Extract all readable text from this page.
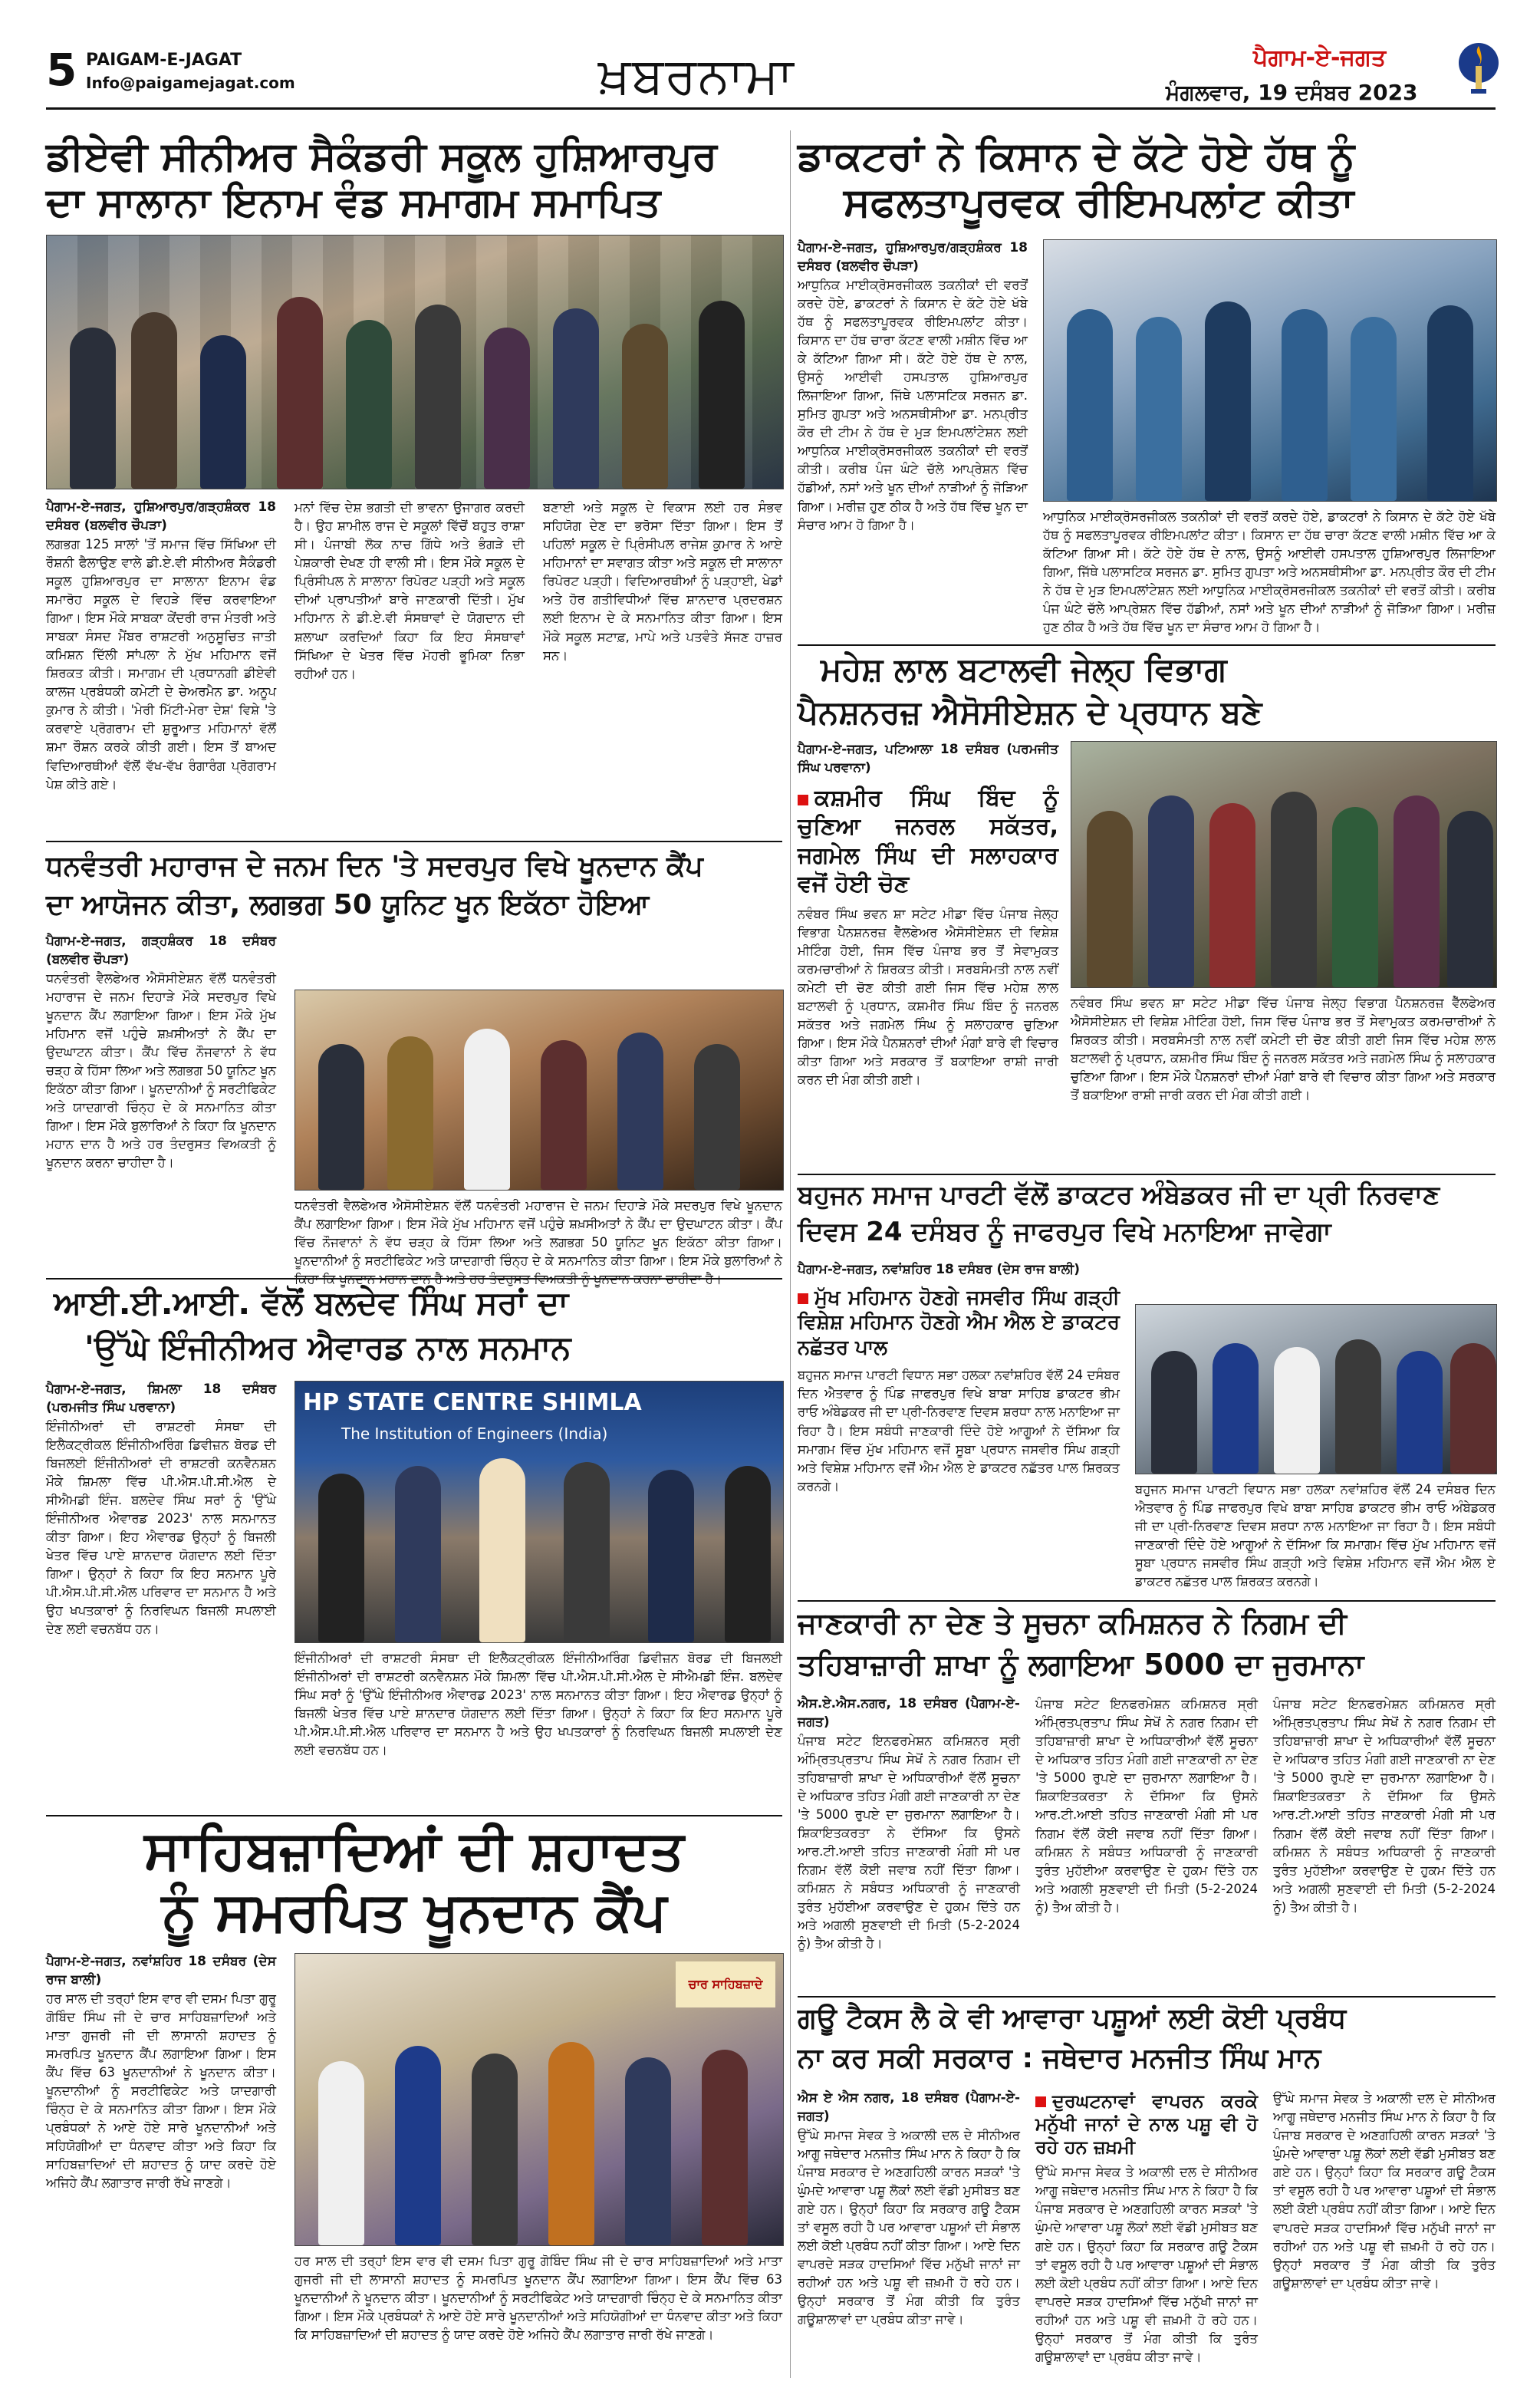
5 PAIGAM-E-JAGAT
Info@paigamejagat.com	ਖ਼ਬਰਨਾਮਾ	ਪੈਗਾਮ-ਏ-ਜਗਤ
ਮੰਗਲਵਾਰ, 19 ਦਸੰਬਰ 2023
ਡੀਏਵੀ ਸੀਨੀਅਰ ਸੈਕੰਡਰੀ ਸਕੂਲ ਹੁਸ਼ਿਆਰਪੁਰ
ਦਾ ਸਾਲਾਨਾ ਇਨਾਮ ਵੰਡ ਸਮਾਗਮ ਸਮਾਪਿਤ

ਪੈਗਾਮ-ਏ-ਜਗਤ, ਹੁਸ਼ਿਆਰਪੁਰ/ਗੜ੍ਹਸ਼ੰਕਰ 18 ਦਸੰਬਰ (ਬਲਵੀਰ ਚੌਪੜਾ)

ਲਗਭਗ 125 ਸਾਲਾਂ 'ਤੋਂ ਸਮਾਜ ਵਿੱਚ ਸਿੱਖਿਆ ਦੀ ਰੌਸ਼ਨੀ ਫੈਲਾਉਣ ਵਾਲੇ ਡੀ.ਏ.ਵੀ ਸੀਨੀਅਰ ਸੈਕੰਡਰੀ ਸਕੂਲ ਹੁਸ਼ਿਆਰਪੁਰ ਦਾ ਸਾਲਾਨਾ ਇਨਾਮ ਵੰਡ ਸਮਾਰੋਹ ਸਕੂਲ ਦੇ ਵਿਹੜੇ ਵਿੱਚ ਕਰਵਾਇਆ ਗਿਆ। ਇਸ ਮੌਕੇ ਸਾਬਕਾ ਕੇਂਦਰੀ ਰਾਜ ਮੰਤਰੀ ਅਤੇ ਸਾਬਕਾ ਸੰਸਦ ਮੈਂਬਰ ਰਾਸ਼ਟਰੀ ਅਨੁਸੂਚਿਤ ਜਾਤੀ ਕਮਿਸ਼ਨ ਦਿੱਲੀ ਸਾਂਪਲਾ ਨੇ ਮੁੱਖ ਮਹਿਮਾਨ ਵਜੋਂ ਸ਼ਿਰਕਤ ਕੀਤੀ। ਸਮਾਗਮ ਦੀ ਪ੍ਰਧਾਨਗੀ ਡੀਏਵੀ ਕਾਲਜ ਪ੍ਰਬੰਧਕੀ ਕਮੇਟੀ ਦੇ ਚੇਅਰਮੈਨ ਡਾ. ਅਨੂਪ ਕੁਮਾਰ ਨੇ ਕੀਤੀ। 'ਮੇਰੀ ਮਿੱਟੀ-ਮੇਰਾ ਦੇਸ਼' ਵਿਸ਼ੇ 'ਤੇ ਕਰਵਾਏ ਪ੍ਰੋਗਰਾਮ ਦੀ ਸ਼ੁਰੂਆਤ ਮਹਿਮਾਨਾਂ ਵੱਲੋਂ ਸ਼ਮਾ ਰੌਸ਼ਨ ਕਰਕੇ ਕੀਤੀ ਗਈ। ਇਸ ਤੋਂ ਬਾਅਦ ਵਿਦਿਆਰਥੀਆਂ ਵੱਲੋਂ ਵੱਖ-ਵੱਖ ਰੰਗਾਰੰਗ ਪ੍ਰੋਗਰਾਮ ਪੇਸ਼ ਕੀਤੇ ਗਏ।

ਮਨਾਂ ਵਿੱਚ ਦੇਸ਼ ਭਗਤੀ ਦੀ ਭਾਵਨਾ ਉਜਾਗਰ ਕਰਦੀ ਹੈ। ਉਹ ਸ਼ਾਮੀਲ ਰਾਜ ਦੇ ਸਕੂਲਾਂ ਵਿੱਚੋਂ ਬਹੁਤ ਰਾਸ਼ਾ ਸੀ। ਪੰਜਾਬੀ ਲੋਕ ਨਾਚ ਗਿੱਧੇ ਅਤੇ ਭੰਗੜੇ ਦੀ ਪੇਸ਼ਕਾਰੀ ਦੇਖਣ ਹੀ ਵਾਲੀ ਸੀ। ਇਸ ਮੌਕੇ ਸਕੂਲ ਦੇ ਪ੍ਰਿੰਸੀਪਲ ਨੇ ਸਾਲਾਨਾ ਰਿਪੋਰਟ ਪੜ੍ਹੀ ਅਤੇ ਸਕੂਲ ਦੀਆਂ ਪ੍ਰਾਪਤੀਆਂ ਬਾਰੇ ਜਾਣਕਾਰੀ ਦਿੱਤੀ। ਮੁੱਖ ਮਹਿਮਾਨ ਨੇ ਡੀ.ਏ.ਵੀ ਸੰਸਥਾਵਾਂ ਦੇ ਯੋਗਦਾਨ ਦੀ ਸ਼ਲਾਘਾ ਕਰਦਿਆਂ ਕਿਹਾ ਕਿ ਇਹ ਸੰਸਥਾਵਾਂ ਸਿੱਖਿਆ ਦੇ ਖੇਤਰ ਵਿੱਚ ਮੋਹਰੀ ਭੂਮਿਕਾ ਨਿਭਾ ਰਹੀਆਂ ਹਨ।

ਬਣਾਈ ਅਤੇ ਸਕੂਲ ਦੇ ਵਿਕਾਸ ਲਈ ਹਰ ਸੰਭਵ ਸਹਿਯੋਗ ਦੇਣ ਦਾ ਭਰੋਸਾ ਦਿੱਤਾ ਗਿਆ। ਇਸ ਤੋਂ ਪਹਿਲਾਂ ਸਕੂਲ ਦੇ ਪ੍ਰਿੰਸੀਪਲ ਰਾਜੇਸ਼ ਕੁਮਾਰ ਨੇ ਆਏ ਮਹਿਮਾਨਾਂ ਦਾ ਸਵਾਗਤ ਕੀਤਾ ਅਤੇ ਸਕੂਲ ਦੀ ਸਾਲਾਨਾ ਰਿਪੋਰਟ ਪੜ੍ਹੀ। ਵਿਦਿਆਰਥੀਆਂ ਨੂੰ ਪੜ੍ਹਾਈ, ਖੇਡਾਂ ਅਤੇ ਹੋਰ ਗਤੀਵਿਧੀਆਂ ਵਿੱਚ ਸ਼ਾਨਦਾਰ ਪ੍ਰਦਰਸ਼ਨ ਲਈ ਇਨਾਮ ਦੇ ਕੇ ਸਨਮਾਨਿਤ ਕੀਤਾ ਗਿਆ। ਇਸ ਮੌਕੇ ਸਕੂਲ ਸਟਾਫ਼, ਮਾਪੇ ਅਤੇ ਪਤਵੰਤੇ ਸੱਜਣ ਹਾਜ਼ਰ ਸਨ।

ਡਾਕਟਰਾਂ ਨੇ ਕਿਸਾਨ ਦੇ ਕੱਟੇ ਹੋਏ ਹੱਥ ਨੂੰ
ਸਫਲਤਾਪੂਰਵਕ ਰੀਇਮਪਲਾਂਟ ਕੀਤਾ

ਪੈਗਾਮ-ਏ-ਜਗਤ, ਹੁਸ਼ਿਆਰਪੁਰ/ਗੜ੍ਹਸ਼ੰਕਰ 18 ਦਸੰਬਰ (ਬਲਵੀਰ ਚੌਪੜਾ)

ਆਧੁਨਿਕ ਮਾਈਕ੍ਰੋਸਰਜੀਕਲ ਤਕਨੀਕਾਂ ਦੀ ਵਰਤੋਂ ਕਰਦੇ ਹੋਏ, ਡਾਕਟਰਾਂ ਨੇ ਕਿਸਾਨ ਦੇ ਕੱਟੇ ਹੋਏ ਖੱਬੇ ਹੱਥ ਨੂੰ ਸਫਲਤਾਪੂਰਵਕ ਰੀਇਮਪਲਾਂਟ ਕੀਤਾ। ਕਿਸਾਨ ਦਾ ਹੱਥ ਚਾਰਾ ਕੱਟਣ ਵਾਲੀ ਮਸ਼ੀਨ ਵਿੱਚ ਆ ਕੇ ਕੱਟਿਆ ਗਿਆ ਸੀ। ਕੱਟੇ ਹੋਏ ਹੱਥ ਦੇ ਨਾਲ, ਉਸਨੂੰ ਆਈਵੀ ਹਸਪਤਾਲ ਹੁਸ਼ਿਆਰਪੁਰ ਲਿਜਾਇਆ ਗਿਆ, ਜਿੱਥੇ ਪਲਾਸਟਿਕ ਸਰਜਨ ਡਾ. ਸੁਮਿਤ ਗੁਪਤਾ ਅਤੇ ਅਨਸਥੀਸੀਆ ਡਾ. ਮਨਪ੍ਰੀਤ ਕੌਰ ਦੀ ਟੀਮ ਨੇ ਹੱਥ ਦੇ ਮੁੜ ਇਮਪਲਾਂਟੇਸ਼ਨ ਲਈ ਆਧੁਨਿਕ ਮਾਈਕ੍ਰੋਸਰਜੀਕਲ ਤਕਨੀਕਾਂ ਦੀ ਵਰਤੋਂ ਕੀਤੀ। ਕਰੀਬ ਪੰਜ ਘੰਟੇ ਚੱਲੇ ਆਪ੍ਰੇਸ਼ਨ ਵਿੱਚ ਹੱਡੀਆਂ, ਨਸਾਂ ਅਤੇ ਖੂਨ ਦੀਆਂ ਨਾੜੀਆਂ ਨੂੰ ਜੋੜਿਆ ਗਿਆ। ਮਰੀਜ਼ ਹੁਣ ਠੀਕ ਹੈ ਅਤੇ ਹੱਥ ਵਿੱਚ ਖੂਨ ਦਾ ਸੰਚਾਰ ਆਮ ਹੋ ਗਿਆ ਹੈ।

ਆਧੁਨਿਕ ਮਾਈਕ੍ਰੋਸਰਜੀਕਲ ਤਕਨੀਕਾਂ ਦੀ ਵਰਤੋਂ ਕਰਦੇ ਹੋਏ, ਡਾਕਟਰਾਂ ਨੇ ਕਿਸਾਨ ਦੇ ਕੱਟੇ ਹੋਏ ਖੱਬੇ ਹੱਥ ਨੂੰ ਸਫਲਤਾਪੂਰਵਕ ਰੀਇਮਪਲਾਂਟ ਕੀਤਾ। ਕਿਸਾਨ ਦਾ ਹੱਥ ਚਾਰਾ ਕੱਟਣ ਵਾਲੀ ਮਸ਼ੀਨ ਵਿੱਚ ਆ ਕੇ ਕੱਟਿਆ ਗਿਆ ਸੀ। ਕੱਟੇ ਹੋਏ ਹੱਥ ਦੇ ਨਾਲ, ਉਸਨੂੰ ਆਈਵੀ ਹਸਪਤਾਲ ਹੁਸ਼ਿਆਰਪੁਰ ਲਿਜਾਇਆ ਗਿਆ, ਜਿੱਥੇ ਪਲਾਸਟਿਕ ਸਰਜਨ ਡਾ. ਸੁਮਿਤ ਗੁਪਤਾ ਅਤੇ ਅਨਸਥੀਸੀਆ ਡਾ. ਮਨਪ੍ਰੀਤ ਕੌਰ ਦੀ ਟੀਮ ਨੇ ਹੱਥ ਦੇ ਮੁੜ ਇਮਪਲਾਂਟੇਸ਼ਨ ਲਈ ਆਧੁਨਿਕ ਮਾਈਕ੍ਰੋਸਰਜੀਕਲ ਤਕਨੀਕਾਂ ਦੀ ਵਰਤੋਂ ਕੀਤੀ। ਕਰੀਬ ਪੰਜ ਘੰਟੇ ਚੱਲੇ ਆਪ੍ਰੇਸ਼ਨ ਵਿੱਚ ਹੱਡੀਆਂ, ਨਸਾਂ ਅਤੇ ਖੂਨ ਦੀਆਂ ਨਾੜੀਆਂ ਨੂੰ ਜੋੜਿਆ ਗਿਆ। ਮਰੀਜ਼ ਹੁਣ ਠੀਕ ਹੈ ਅਤੇ ਹੱਥ ਵਿੱਚ ਖੂਨ ਦਾ ਸੰਚਾਰ ਆਮ ਹੋ ਗਿਆ ਹੈ।

ਮਹੇਸ਼ ਲਾਲ ਬਟਾਲਵੀ ਜੇਲ੍ਹ ਵਿਭਾਗ
ਪੈਨਸ਼ਨਰਜ਼ ਐਸੋਸੀਏਸ਼ਨ ਦੇ ਪ੍ਰਧਾਨ ਬਣੇ

ਪੈਗਾਮ-ਏ-ਜਗਤ, ਪਟਿਆਲਾ 18 ਦਸੰਬਰ (ਪਰਮਜੀਤ ਸਿੰਘ ਪਰਵਾਨਾ)

ਕਸ਼ਮੀਰ ਸਿੰਘ ਬਿੰਦ ਨੂੰ ਚੁਣਿਆ ਜਨਰਲ ਸਕੱਤਰ, ਜਗਮੇਲ ਸਿੰਘ ਦੀ ਸਲਾਹਕਾਰ ਵਜੋਂ ਹੋਈ ਚੋਣ

ਨਵੰਬਰ ਸਿੰਘ ਭਵਨ ਸ਼ਾ ਸਟੇਟ ਮੀਡਾ ਵਿੱਚ ਪੰਜਾਬ ਜੇਲ੍ਹ ਵਿਭਾਗ ਪੈਨਸ਼ਨਰਜ਼ ਵੈੱਲਫੇਅਰ ਐਸੋਸੀਏਸ਼ਨ ਦੀ ਵਿਸ਼ੇਸ਼ ਮੀਟਿੰਗ ਹੋਈ, ਜਿਸ ਵਿੱਚ ਪੰਜਾਬ ਭਰ ਤੋਂ ਸੇਵਾਮੁਕਤ ਕਰਮਚਾਰੀਆਂ ਨੇ ਸ਼ਿਰਕਤ ਕੀਤੀ। ਸਰਬਸੰਮਤੀ ਨਾਲ ਨਵੀਂ ਕਮੇਟੀ ਦੀ ਚੋਣ ਕੀਤੀ ਗਈ ਜਿਸ ਵਿੱਚ ਮਹੇਸ਼ ਲਾਲ ਬਟਾਲਵੀ ਨੂੰ ਪ੍ਰਧਾਨ, ਕਸ਼ਮੀਰ ਸਿੰਘ ਬਿੰਦ ਨੂੰ ਜਨਰਲ ਸਕੱਤਰ ਅਤੇ ਜਗਮੇਲ ਸਿੰਘ ਨੂੰ ਸਲਾਹਕਾਰ ਚੁਣਿਆ ਗਿਆ। ਇਸ ਮੌਕੇ ਪੈਨਸ਼ਨਰਾਂ ਦੀਆਂ ਮੰਗਾਂ ਬਾਰੇ ਵੀ ਵਿਚਾਰ ਕੀਤਾ ਗਿਆ ਅਤੇ ਸਰਕਾਰ ਤੋਂ ਬਕਾਇਆ ਰਾਸ਼ੀ ਜਾਰੀ ਕਰਨ ਦੀ ਮੰਗ ਕੀਤੀ ਗਈ।

ਨਵੰਬਰ ਸਿੰਘ ਭਵਨ ਸ਼ਾ ਸਟੇਟ ਮੀਡਾ ਵਿੱਚ ਪੰਜਾਬ ਜੇਲ੍ਹ ਵਿਭਾਗ ਪੈਨਸ਼ਨਰਜ਼ ਵੈੱਲਫੇਅਰ ਐਸੋਸੀਏਸ਼ਨ ਦੀ ਵਿਸ਼ੇਸ਼ ਮੀਟਿੰਗ ਹੋਈ, ਜਿਸ ਵਿੱਚ ਪੰਜਾਬ ਭਰ ਤੋਂ ਸੇਵਾਮੁਕਤ ਕਰਮਚਾਰੀਆਂ ਨੇ ਸ਼ਿਰਕਤ ਕੀਤੀ। ਸਰਬਸੰਮਤੀ ਨਾਲ ਨਵੀਂ ਕਮੇਟੀ ਦੀ ਚੋਣ ਕੀਤੀ ਗਈ ਜਿਸ ਵਿੱਚ ਮਹੇਸ਼ ਲਾਲ ਬਟਾਲਵੀ ਨੂੰ ਪ੍ਰਧਾਨ, ਕਸ਼ਮੀਰ ਸਿੰਘ ਬਿੰਦ ਨੂੰ ਜਨਰਲ ਸਕੱਤਰ ਅਤੇ ਜਗਮੇਲ ਸਿੰਘ ਨੂੰ ਸਲਾਹਕਾਰ ਚੁਣਿਆ ਗਿਆ। ਇਸ ਮੌਕੇ ਪੈਨਸ਼ਨਰਾਂ ਦੀਆਂ ਮੰਗਾਂ ਬਾਰੇ ਵੀ ਵਿਚਾਰ ਕੀਤਾ ਗਿਆ ਅਤੇ ਸਰਕਾਰ ਤੋਂ ਬਕਾਇਆ ਰਾਸ਼ੀ ਜਾਰੀ ਕਰਨ ਦੀ ਮੰਗ ਕੀਤੀ ਗਈ।

ਧਨਵੰਤਰੀ ਮਹਾਰਾਜ ਦੇ ਜਨਮ ਦਿਨ 'ਤੇ ਸਦਰਪੁਰ ਵਿਖੇ ਖੂਨਦਾਨ ਕੈਂਪ
ਦਾ ਆਯੋਜਨ ਕੀਤਾ, ਲਗਭਗ 50 ਯੂਨਿਟ ਖੂਨ ਇਕੱਠਾ ਹੋਇਆ

ਪੈਗਾਮ-ਏ-ਜਗਤ, ਗੜ੍ਹਸ਼ੰਕਰ 18 ਦਸੰਬਰ (ਬਲਵੀਰ ਚੌਪੜਾ)

ਧਨਵੰਤਰੀ ਵੈਲਫੇਅਰ ਐਸੋਸੀਏਸ਼ਨ ਵੱਲੋਂ ਧਨਵੰਤਰੀ ਮਹਾਰਾਜ ਦੇ ਜਨਮ ਦਿਹਾੜੇ ਮੌਕੇ ਸਦਰਪੁਰ ਵਿਖੇ ਖੂਨਦਾਨ ਕੈਂਪ ਲਗਾਇਆ ਗਿਆ। ਇਸ ਮੌਕੇ ਮੁੱਖ ਮਹਿਮਾਨ ਵਜੋਂ ਪਹੁੰਚੇ ਸ਼ਖ਼ਸੀਅਤਾਂ ਨੇ ਕੈਂਪ ਦਾ ਉਦਘਾਟਨ ਕੀਤਾ। ਕੈਂਪ ਵਿੱਚ ਨੌਜਵਾਨਾਂ ਨੇ ਵੱਧ ਚੜ੍ਹ ਕੇ ਹਿੱਸਾ ਲਿਆ ਅਤੇ ਲਗਭਗ 50 ਯੂਨਿਟ ਖੂਨ ਇਕੱਠਾ ਕੀਤਾ ਗਿਆ। ਖੂਨਦਾਨੀਆਂ ਨੂੰ ਸਰਟੀਫਿਕੇਟ ਅਤੇ ਯਾਦਗਾਰੀ ਚਿੰਨ੍ਹ ਦੇ ਕੇ ਸਨਮਾਨਿਤ ਕੀਤਾ ਗਿਆ। ਇਸ ਮੌਕੇ ਬੁਲਾਰਿਆਂ ਨੇ ਕਿਹਾ ਕਿ ਖੂਨਦਾਨ ਮਹਾਨ ਦਾਨ ਹੈ ਅਤੇ ਹਰ ਤੰਦਰੁਸਤ ਵਿਅਕਤੀ ਨੂੰ ਖੂਨਦਾਨ ਕਰਨਾ ਚਾਹੀਦਾ ਹੈ।

ਧਨਵੰਤਰੀ ਵੈਲਫੇਅਰ ਐਸੋਸੀਏਸ਼ਨ ਵੱਲੋਂ ਧਨਵੰਤਰੀ ਮਹਾਰਾਜ ਦੇ ਜਨਮ ਦਿਹਾੜੇ ਮੌਕੇ ਸਦਰਪੁਰ ਵਿਖੇ ਖੂਨਦਾਨ ਕੈਂਪ ਲਗਾਇਆ ਗਿਆ। ਇਸ ਮੌਕੇ ਮੁੱਖ ਮਹਿਮਾਨ ਵਜੋਂ ਪਹੁੰਚੇ ਸ਼ਖ਼ਸੀਅਤਾਂ ਨੇ ਕੈਂਪ ਦਾ ਉਦਘਾਟਨ ਕੀਤਾ। ਕੈਂਪ ਵਿੱਚ ਨੌਜਵਾਨਾਂ ਨੇ ਵੱਧ ਚੜ੍ਹ ਕੇ ਹਿੱਸਾ ਲਿਆ ਅਤੇ ਲਗਭਗ 50 ਯੂਨਿਟ ਖੂਨ ਇਕੱਠਾ ਕੀਤਾ ਗਿਆ। ਖੂਨਦਾਨੀਆਂ ਨੂੰ ਸਰਟੀਫਿਕੇਟ ਅਤੇ ਯਾਦਗਾਰੀ ਚਿੰਨ੍ਹ ਦੇ ਕੇ ਸਨਮਾਨਿਤ ਕੀਤਾ ਗਿਆ। ਇਸ ਮੌਕੇ ਬੁਲਾਰਿਆਂ ਨੇ

ਬਹੁਜਨ ਸਮਾਜ ਪਾਰਟੀ ਵੱਲੋਂ ਡਾਕਟਰ ਅੰਬੇਡਕਰ ਜੀ ਦਾ ਪ੍ਰੀ ਨਿਰਵਾਣ
ਦਿਵਸ 24 ਦਸੰਬਰ ਨੂੰ ਜਾਫਰਪੁਰ ਵਿਖੇ ਮਨਾਇਆ ਜਾਵੇਗਾ

ਪੈਗਾਮ-ਏ-ਜਗਤ, ਨਵਾਂਸ਼ਹਿਰ 18 ਦਸੰਬਰ (ਦੇਸ ਰਾਜ ਬਾਲੀ)

ਮੁੱਖ ਮਹਿਮਾਨ ਹੋਣਗੇ ਜਸਵੀਰ ਸਿੰਘ ਗੜ੍ਹੀ ਵਿਸ਼ੇਸ਼ ਮਹਿਮਾਨ ਹੋਣਗੇ ਐਮ ਐਲ ਏ ਡਾਕਟਰ ਨਛੱਤਰ ਪਾਲ

ਬਹੁਜਨ ਸਮਾਜ ਪਾਰਟੀ ਵਿਧਾਨ ਸਭਾ ਹਲਕਾ ਨਵਾਂਸ਼ਹਿਰ ਵੱਲੋਂ 24 ਦਸੰਬਰ ਦਿਨ ਐਤਵਾਰ ਨੂੰ ਪਿੰਡ ਜਾਫਰਪੁਰ ਵਿਖੇ ਬਾਬਾ ਸਾਹਿਬ ਡਾਕਟਰ ਭੀਮ ਰਾਓ ਅੰਬੇਡਕਰ ਜੀ ਦਾ ਪ੍ਰੀ-ਨਿਰਵਾਣ ਦਿਵਸ ਸ਼ਰਧਾ ਨਾਲ ਮਨਾਇਆ ਜਾ ਰਿਹਾ ਹੈ। ਇਸ ਸਬੰਧੀ ਜਾਣਕਾਰੀ ਦਿੰਦੇ ਹੋਏ ਆਗੂਆਂ ਨੇ ਦੱਸਿਆ ਕਿ ਸਮਾਗਮ ਵਿੱਚ ਮੁੱਖ ਮਹਿਮਾਨ ਵਜੋਂ ਸੂਬਾ ਪ੍ਰਧਾਨ ਜਸਵੀਰ ਸਿੰਘ ਗੜ੍ਹੀ ਅਤੇ ਵਿਸ਼ੇਸ਼ ਮਹਿਮਾਨ ਵਜੋਂ ਐਮ ਐਲ ਏ ਡਾਕਟਰ ਨਛੱਤਰ ਪਾਲ ਸ਼ਿਰਕਤ ਕਰਨਗੇ।	ਬਹੁਜਨ ਸਮਾਜ ਪਾਰਟੀ ਵਿਧਾਨ ਸਭਾ ਹਲਕਾ ਨਵਾਂਸ਼ਹਿਰ ਵੱਲੋਂ 24 ਦਸੰਬਰ ਦਿਨ ਐਤਵਾਰ ਨੂੰ ਪਿੰਡ ਜਾਫਰਪੁਰ ਵਿਖੇ ਬਾਬਾ ਸਾਹਿਬ ਡਾਕਟਰ ਭੀਮ ਰਾਓ ਅੰਬੇਡਕਰ ਜੀ ਦਾ ਪ੍ਰੀ-ਨਿਰਵਾਣ ਦਿਵਸ ਸ਼ਰਧਾ ਨਾਲ ਮਨਾਇਆ ਜਾ ਰਿਹਾ ਹੈ। ਇਸ ਸਬੰਧੀ ਜਾਣਕਾਰੀ ਦਿੰਦੇ ਹੋਏ ਆਗੂਆਂ ਨੇ ਦੱਸਿਆ ਕਿ ਸਮਾਗਮ ਵਿੱਚ ਮੁੱਖ ਮਹਿਮਾਨ ਵਜੋਂ ਸੂਬਾ ਪ੍ਰਧਾਨ ਜਸਵੀਰ ਸਿੰਘ ਗੜ੍ਹੀ ਅਤੇ ਵਿਸ਼ੇਸ਼ ਮਹਿਮਾਨ ਵਜੋਂ ਐਮ ਐਲ ਏ ਡਾਕਟਰ ਨਛੱਤਰ ਪਾਲ ਸ਼ਿਰਕਤ ਕਰਨਗੇ।

ਆਈ.ਈ.ਆਈ. ਵੱਲੋਂ ਬਲਦੇਵ ਸਿੰਘ ਸਰਾਂ ਦਾ
'ਉੱਘੇ ਇੰਜੀਨੀਅਰ ਐਵਾਰਡ ਨਾਲ ਸਨਮਾਨ

ਪੈਗਾਮ-ਏ-ਜਗਤ, ਸ਼ਿਮਲਾ 18 ਦਸੰਬਰ (ਪਰਮਜੀਤ ਸਿੰਘ ਪਰਵਾਨਾ)

ਇੰਜੀਨੀਅਰਾਂ ਦੀ ਰਾਸ਼ਟਰੀ ਸੰਸਥਾ ਦੀ ਇਲੈਕਟ੍ਰੀਕਲ ਇੰਜੀਨੀਅਰਿੰਗ ਡਿਵੀਜ਼ਨ ਬੋਰਡ ਦੀ ਬਿਜਲਈ ਇੰਜੀਨੀਅਰਾਂ ਦੀ ਰਾਸ਼ਟਰੀ ਕਨਵੈਨਸ਼ਨ ਮੌਕੇ ਸ਼ਿਮਲਾ ਵਿੱਚ ਪੀ.ਐਸ.ਪੀ.ਸੀ.ਐਲ ਦੇ ਸੀਐਮਡੀ ਇੰਜ. ਬਲਦੇਵ ਸਿੰਘ ਸਰਾਂ ਨੂੰ 'ਉੱਘੇ ਇੰਜੀਨੀਅਰ ਐਵਾਰਡ 2023' ਨਾਲ ਸਨਮਾਨਤ ਕੀਤਾ ਗਿਆ। ਇਹ ਐਵਾਰਡ ਉਨ੍ਹਾਂ ਨੂੰ ਬਿਜਲੀ ਖੇਤਰ ਵਿੱਚ ਪਾਏ ਸ਼ਾਨਦਾਰ ਯੋਗਦਾਨ ਲਈ ਦਿੱਤਾ ਗਿਆ। ਉਨ੍ਹਾਂ ਨੇ ਕਿਹਾ ਕਿ ਇਹ ਸਨਮਾਨ ਪੂਰੇ ਪੀ.ਐਸ.ਪੀ.ਸੀ.ਐਲ ਪਰਿਵਾਰ ਦਾ ਸਨਮਾਨ ਹੈ ਅਤੇ ਉਹ ਖਪਤਕਾਰਾਂ ਨੂੰ ਨਿਰਵਿਘਨ ਬਿਜਲੀ ਸਪਲਾਈ ਦੇਣ ਲਈ ਵਚਨਬੱਧ ਹਨ।

HP STATE CENTRE SHIMLA
The Institution of Engineers (India)

ਇੰਜੀਨੀਅਰਾਂ ਦੀ ਰਾਸ਼ਟਰੀ ਸੰਸਥਾ ਦੀ ਇਲੈਕਟ੍ਰੀਕਲ ਇੰਜੀਨੀਅਰਿੰਗ ਡਿਵੀਜ਼ਨ ਬੋਰਡ ਦੀ ਬਿਜਲਈ ਇੰਜੀਨੀਅਰਾਂ ਦੀ ਰਾਸ਼ਟਰੀ ਕਨਵੈਨਸ਼ਨ ਮੌਕੇ ਸ਼ਿਮਲਾ ਵਿੱਚ ਪੀ.ਐਸ.ਪੀ.ਸੀ.ਐਲ ਦੇ ਸੀਐਮਡੀ ਇੰਜ. ਬਲਦੇਵ ਸਿੰਘ ਸਰਾਂ ਨੂੰ 'ਉੱਘੇ ਇੰਜੀਨੀਅਰ ਐਵਾਰਡ 2023' ਨਾਲ ਸਨਮਾਨਤ ਕੀਤਾ ਗਿਆ। ਇਹ ਐਵਾਰਡ ਉਨ੍ਹਾਂ ਨੂੰ ਬਿਜਲੀ ਖੇਤਰ ਵਿੱਚ ਪਾਏ ਸ਼ਾਨਦਾਰ ਯੋਗਦਾਨ ਲਈ ਦਿੱਤਾ ਗਿਆ। ਉਨ੍ਹਾਂ ਨੇ ਕਿਹਾ ਕਿ ਇਹ ਸਨਮਾਨ ਪੂਰੇ ਪੀ.ਐਸ.ਪੀ.ਸੀ.ਐਲ ਪਰਿਵਾਰ ਦਾ ਸਨਮਾਨ ਹੈ ਅਤੇ ਉਹ ਖਪਤਕਾਰਾਂ ਨੂੰ ਨਿਰਵਿਘਨ ਬਿਜਲੀ ਸਪਲਾਈ ਦੇਣ ਲਈ ਵਚਨਬੱਧ ਹਨ।

ਜਾਣਕਾਰੀ ਨਾ ਦੇਣ ਤੇ ਸੂਚਨਾ ਕਮਿਸ਼ਨਰ ਨੇ ਨਿਗਮ ਦੀ
ਤਹਿਬਾਜ਼ਾਰੀ ਸ਼ਾਖਾ ਨੂੰ ਲਗਾਇਆ 5000 ਦਾ ਜੁਰਮਾਨਾ

ਐਸ.ਏ.ਐਸ.ਨਗਰ, 18 ਦਸੰਬਰ (ਪੈਗਾਮ-ਏ-ਜਗਤ)

ਪੰਜਾਬ ਸਟੇਟ ਇਨਫਰਮੇਸ਼ਨ ਕਮਿਸ਼ਨਰ ਸ੍ਰੀ ਅੰਮ੍ਰਿਤਪ੍ਰਤਾਪ ਸਿੰਘ ਸੇਖੋਂ ਨੇ ਨਗਰ ਨਿਗਮ ਦੀ ਤਹਿਬਾਜ਼ਾਰੀ ਸ਼ਾਖਾ ਦੇ ਅਧਿਕਾਰੀਆਂ ਵੱਲੋਂ ਸੂਚਨਾ ਦੇ ਅਧਿਕਾਰ ਤਹਿਤ ਮੰਗੀ ਗਈ ਜਾਣਕਾਰੀ ਨਾ ਦੇਣ 'ਤੇ 5000 ਰੁਪਏ ਦਾ ਜੁਰਮਾਨਾ ਲਗਾਇਆ ਹੈ। ਸ਼ਿਕਾਇਤਕਰਤਾ ਨੇ ਦੱਸਿਆ ਕਿ ਉਸਨੇ ਆਰ.ਟੀ.ਆਈ ਤਹਿਤ ਜਾਣਕਾਰੀ ਮੰਗੀ ਸੀ ਪਰ ਨਿਗਮ ਵੱਲੋਂ ਕੋਈ ਜਵਾਬ ਨਹੀਂ ਦਿੱਤਾ ਗਿਆ। ਕਮਿਸ਼ਨ ਨੇ ਸਬੰਧਤ ਅਧਿਕਾਰੀ ਨੂੰ ਜਾਣਕਾਰੀ ਤੁਰੰਤ ਮੁਹੱਈਆ ਕਰਵਾਉਣ ਦੇ ਹੁਕਮ ਦਿੱਤੇ ਹਨ ਅਤੇ ਅਗਲੀ ਸੁਣਵਾਈ ਦੀ ਮਿਤੀ (5-2-2024 ਨੂੰ) ਤੈਅ ਕੀਤੀ ਹੈ।

ਪੰਜਾਬ ਸਟੇਟ ਇਨਫਰਮੇਸ਼ਨ ਕਮਿਸ਼ਨਰ ਸ੍ਰੀ ਅੰਮ੍ਰਿਤਪ੍ਰਤਾਪ ਸਿੰਘ ਸੇਖੋਂ ਨੇ ਨਗਰ ਨਿਗਮ ਦੀ ਤਹਿਬਾਜ਼ਾਰੀ ਸ਼ਾਖਾ ਦੇ ਅਧਿਕਾਰੀਆਂ ਵੱਲੋਂ ਸੂਚਨਾ ਦੇ ਅਧਿਕਾਰ ਤਹਿਤ ਮੰਗੀ ਗਈ ਜਾਣਕਾਰੀ ਨਾ ਦੇਣ 'ਤੇ 5000 ਰੁਪਏ ਦਾ ਜੁਰਮਾਨਾ ਲਗਾਇਆ ਹੈ। ਸ਼ਿਕਾਇਤਕਰਤਾ ਨੇ ਦੱਸਿਆ ਕਿ ਉਸਨੇ ਆਰ.ਟੀ.ਆਈ ਤਹਿਤ ਜਾਣਕਾਰੀ ਮੰਗੀ ਸੀ ਪਰ ਨਿਗਮ ਵੱਲੋਂ ਕੋਈ ਜਵਾਬ ਨਹੀਂ ਦਿੱਤਾ ਗਿਆ। ਕਮਿਸ਼ਨ ਨੇ ਸਬੰਧਤ ਅਧਿਕਾਰੀ ਨੂੰ ਜਾਣਕਾਰੀ ਤੁਰੰਤ ਮੁਹੱਈਆ ਕਰਵਾਉਣ ਦੇ ਹੁਕਮ ਦਿੱਤੇ ਹਨ ਅਤੇ ਅਗਲੀ ਸੁਣਵਾਈ ਦੀ ਮਿਤੀ (5-2-2024 ਨੂੰ) ਤੈਅ ਕੀਤੀ ਹੈ।

ਪੰਜਾਬ ਸਟੇਟ ਇਨਫਰਮੇਸ਼ਨ ਕਮਿਸ਼ਨਰ ਸ੍ਰੀ ਅੰਮ੍ਰਿਤਪ੍ਰਤਾਪ ਸਿੰਘ ਸੇਖੋਂ ਨੇ ਨਗਰ ਨਿਗਮ ਦੀ ਤਹਿਬਾਜ਼ਾਰੀ ਸ਼ਾਖਾ ਦੇ ਅਧਿਕਾਰੀਆਂ ਵੱਲੋਂ ਸੂਚਨਾ ਦੇ ਅਧਿਕਾਰ ਤਹਿਤ ਮੰਗੀ ਗਈ ਜਾਣਕਾਰੀ ਨਾ ਦੇਣ 'ਤੇ 5000 ਰੁਪਏ ਦਾ ਜੁਰਮਾਨਾ ਲਗਾਇਆ ਹੈ। ਸ਼ਿਕਾਇਤਕਰਤਾ ਨੇ ਦੱਸਿਆ ਕਿ ਉਸਨੇ ਆਰ.ਟੀ.ਆਈ ਤਹਿਤ ਜਾਣਕਾਰੀ ਮੰਗੀ ਸੀ ਪਰ ਨਿਗਮ ਵੱਲੋਂ ਕੋਈ ਜਵਾਬ ਨਹੀਂ ਦਿੱਤਾ ਗਿਆ। ਕਮਿਸ਼ਨ ਨੇ ਸਬੰਧਤ ਅਧਿਕਾਰੀ ਨੂੰ ਜਾਣਕਾਰੀ ਤੁਰੰਤ ਮੁਹੱਈਆ ਕਰਵਾਉਣ ਦੇ ਹੁਕਮ ਦਿੱਤੇ ਹਨ ਅਤੇ ਅਗਲੀ ਸੁਣਵਾਈ ਦੀ ਮਿਤੀ (5-2-2024 ਨੂੰ) ਤੈਅ ਕੀਤੀ ਹੈ।

ਸਾਹਿਬਜ਼ਾਦਿਆਂ ਦੀ ਸ਼ਹਾਦਤ
ਨੂੰ ਸਮਰਪਿਤ ਖੂਨਦਾਨ ਕੈਂਪ

ਪੈਗਾਮ-ਏ-ਜਗਤ, ਨਵਾਂਸ਼ਹਿਰ 18 ਦਸੰਬਰ (ਦੇਸ ਰਾਜ ਬਾਲੀ)

ਹਰ ਸਾਲ ਦੀ ਤਰ੍ਹਾਂ ਇਸ ਵਾਰ ਵੀ ਦਸਮ ਪਿਤਾ ਗੁਰੂ ਗੋਬਿੰਦ ਸਿੰਘ ਜੀ ਦੇ ਚਾਰ ਸਾਹਿਬਜ਼ਾਦਿਆਂ ਅਤੇ ਮਾਤਾ ਗੁਜਰੀ ਜੀ ਦੀ ਲਾਸਾਨੀ ਸ਼ਹਾਦਤ ਨੂੰ ਸਮਰਪਿਤ ਖੂਨਦਾਨ ਕੈਂਪ ਲਗਾਇਆ ਗਿਆ। ਇਸ ਕੈਂਪ ਵਿੱਚ 63 ਖੂਨਦਾਨੀਆਂ ਨੇ ਖੂਨਦਾਨ ਕੀਤਾ। ਖੂਨਦਾਨੀਆਂ ਨੂੰ ਸਰਟੀਫਿਕੇਟ ਅਤੇ ਯਾਦਗਾਰੀ ਚਿੰਨ੍ਹ ਦੇ ਕੇ ਸਨਮਾਨਿਤ ਕੀਤਾ ਗਿਆ। ਇਸ ਮੌਕੇ ਪ੍ਰਬੰਧਕਾਂ ਨੇ ਆਏ ਹੋਏ ਸਾਰੇ ਖੂਨਦਾਨੀਆਂ ਅਤੇ ਸਹਿਯੋਗੀਆਂ ਦਾ ਧੰਨਵਾਦ ਕੀਤਾ ਅਤੇ ਕਿਹਾ ਕਿ ਸਾਹਿਬਜ਼ਾਦਿਆਂ ਦੀ ਸ਼ਹਾਦਤ ਨੂੰ ਯਾਦ ਕਰਦੇ ਹੋਏ ਅਜਿਹੇ ਕੈਂਪ ਲਗਾਤਾਰ ਜਾਰੀ ਰੱਖੇ ਜਾਣਗੇ।

ਚਾਰ ਸਾਹਿਬਜ਼ਾਦੇ

ਹਰ ਸਾਲ ਦੀ ਤਰ੍ਹਾਂ ਇਸ ਵਾਰ ਵੀ ਦਸਮ ਪਿਤਾ ਗੁਰੂ ਗੋਬਿੰਦ ਸਿੰਘ ਜੀ ਦੇ ਚਾਰ ਸਾਹਿਬਜ਼ਾਦਿਆਂ ਅਤੇ ਮਾਤਾ ਗੁਜਰੀ ਜੀ ਦੀ ਲਾਸਾਨੀ ਸ਼ਹਾਦਤ ਨੂੰ ਸਮਰਪਿਤ ਖੂਨਦਾਨ ਕੈਂਪ ਲਗਾਇਆ ਗਿਆ। ਇਸ ਕੈਂਪ ਵਿੱਚ 63 ਖੂਨਦਾਨੀਆਂ ਨੇ ਖੂਨਦਾਨ ਕੀਤਾ। ਖੂਨਦਾਨੀਆਂ ਨੂੰ ਸਰਟੀਫਿਕੇਟ ਅਤੇ ਯਾਦਗਾਰੀ ਚਿੰਨ੍ਹ ਦੇ ਕੇ ਸਨਮਾਨਿਤ ਕੀਤਾ ਗਿਆ। ਇਸ ਮੌਕੇ ਪ੍ਰਬੰਧਕਾਂ ਨੇ ਆਏ ਹੋਏ ਸਾਰੇ ਖੂਨਦਾਨੀਆਂ ਅਤੇ ਸਹਿਯੋਗੀਆਂ ਦਾ ਧੰਨਵਾਦ ਕੀਤਾ ਅਤੇ ਕਿਹਾ ਕਿ ਸਾਹਿਬਜ਼ਾਦਿਆਂ ਦੀ ਸ਼ਹਾਦਤ ਨੂੰ ਯਾਦ ਕਰਦੇ ਹੋਏ ਅਜਿਹੇ ਕੈਂਪ ਲਗਾਤਾਰ ਜਾਰੀ ਰੱਖੇ ਜਾਣਗੇ।

ਗਊ ਟੈਕਸ ਲੈ ਕੇ ਵੀ ਆਵਾਰਾ ਪਸ਼ੂਆਂ ਲਈ ਕੋਈ ਪ੍ਰਬੰਧ
ਨਾ ਕਰ ਸਕੀ ਸਰਕਾਰ : ਜਥੇਦਾਰ ਮਨਜੀਤ ਸਿੰਘ ਮਾਨ

ਐਸ ਏ ਐਸ ਨਗਰ, 18 ਦਸੰਬਰ (ਪੈਗਾਮ-ਏ-ਜਗਤ)

ਉੱਘੇ ਸਮਾਜ ਸੇਵਕ ਤੇ ਅਕਾਲੀ ਦਲ ਦੇ ਸੀਨੀਅਰ ਆਗੂ ਜਥੇਦਾਰ ਮਨਜੀਤ ਸਿੰਘ ਮਾਨ ਨੇ ਕਿਹਾ ਹੈ ਕਿ ਪੰਜਾਬ ਸਰਕਾਰ ਦੇ ਅਣਗਹਿਲੀ ਕਾਰਨ ਸੜਕਾਂ 'ਤੇ ਘੁੰਮਦੇ ਆਵਾਰਾ ਪਸ਼ੂ ਲੋਕਾਂ ਲਈ ਵੱਡੀ ਮੁਸੀਬਤ ਬਣ ਗਏ ਹਨ। ਉਨ੍ਹਾਂ ਕਿਹਾ ਕਿ ਸਰਕਾਰ ਗਊ ਟੈਕਸ ਤਾਂ ਵਸੂਲ ਰਹੀ ਹੈ ਪਰ ਆਵਾਰਾ ਪਸ਼ੂਆਂ ਦੀ ਸੰਭਾਲ ਲਈ ਕੋਈ ਪ੍ਰਬੰਧ ਨਹੀਂ ਕੀਤਾ ਗਿਆ। ਆਏ ਦਿਨ ਵਾਪਰਦੇ ਸੜਕ ਹਾਦਸਿਆਂ ਵਿੱਚ ਮਨੁੱਖੀ ਜਾਨਾਂ ਜਾ ਰਹੀਆਂ ਹਨ ਅਤੇ ਪਸ਼ੂ ਵੀ ਜ਼ਖ਼ਮੀ ਹੋ ਰਹੇ ਹਨ। ਉਨ੍ਹਾਂ ਸਰਕਾਰ ਤੋਂ ਮੰਗ ਕੀਤੀ ਕਿ ਤੁਰੰਤ ਗਊਸ਼ਾਲਾਵਾਂ ਦਾ ਪ੍ਰਬੰਧ ਕੀਤਾ ਜਾਵੇ।

ਦੁਰਘਟਨਾਵਾਂ ਵਾਪਰਨ ਕਰਕੇ ਮਨੁੱਖੀ ਜਾਨਾਂ ਦੇ ਨਾਲ ਪਸ਼ੂ ਵੀ ਹੋ ਰਹੇ ਹਨ ਜ਼ਖ਼ਮੀ

ਉੱਘੇ ਸਮਾਜ ਸੇਵਕ ਤੇ ਅਕਾਲੀ ਦਲ ਦੇ ਸੀਨੀਅਰ ਆਗੂ ਜਥੇਦਾਰ ਮਨਜੀਤ ਸਿੰਘ ਮਾਨ ਨੇ ਕਿਹਾ ਹੈ ਕਿ ਪੰਜਾਬ ਸਰਕਾਰ ਦੇ ਅਣਗਹਿਲੀ ਕਾਰਨ ਸੜਕਾਂ 'ਤੇ ਘੁੰਮਦੇ ਆਵਾਰਾ ਪਸ਼ੂ ਲੋਕਾਂ ਲਈ ਵੱਡੀ ਮੁਸੀਬਤ ਬਣ ਗਏ ਹਨ। ਉਨ੍ਹਾਂ ਕਿਹਾ ਕਿ ਸਰਕਾਰ ਗਊ ਟੈਕਸ ਤਾਂ ਵਸੂਲ ਰਹੀ ਹੈ ਪਰ ਆਵਾਰਾ ਪਸ਼ੂਆਂ ਦੀ ਸੰਭਾਲ ਲਈ ਕੋਈ ਪ੍ਰਬੰਧ ਨਹੀਂ ਕੀਤਾ ਗਿਆ। ਆਏ ਦਿਨ ਵਾਪਰਦੇ ਸੜਕ ਹਾਦਸਿਆਂ ਵਿੱਚ ਮਨੁੱਖੀ ਜਾਨਾਂ ਜਾ ਰਹੀਆਂ ਹਨ ਅਤੇ ਪਸ਼ੂ ਵੀ ਜ਼ਖ਼ਮੀ ਹੋ ਰਹੇ ਹਨ। ਉਨ੍ਹਾਂ ਸਰਕਾਰ ਤੋਂ ਮੰਗ ਕੀਤੀ ਕਿ ਤੁਰੰਤ ਗਊਸ਼ਾਲਾਵਾਂ ਦਾ ਪ੍ਰਬੰਧ ਕੀਤਾ ਜਾਵੇ।

ਉੱਘੇ ਸਮਾਜ ਸੇਵਕ ਤੇ ਅਕਾਲੀ ਦਲ ਦੇ ਸੀਨੀਅਰ ਆਗੂ ਜਥੇਦਾਰ ਮਨਜੀਤ ਸਿੰਘ ਮਾਨ ਨੇ ਕਿਹਾ ਹੈ ਕਿ ਪੰਜਾਬ ਸਰਕਾਰ ਦੇ ਅਣਗਹਿਲੀ ਕਾਰਨ ਸੜਕਾਂ 'ਤੇ ਘੁੰਮਦੇ ਆਵਾਰਾ ਪਸ਼ੂ ਲੋਕਾਂ ਲਈ ਵੱਡੀ ਮੁਸੀਬਤ ਬਣ ਗਏ ਹਨ। ਉਨ੍ਹਾਂ ਕਿਹਾ ਕਿ ਸਰਕਾਰ ਗਊ ਟੈਕਸ ਤਾਂ ਵਸੂਲ ਰਹੀ ਹੈ ਪਰ ਆਵਾਰਾ ਪਸ਼ੂਆਂ ਦੀ ਸੰਭਾਲ ਲਈ ਕੋਈ ਪ੍ਰਬੰਧ ਨਹੀਂ ਕੀਤਾ ਗਿਆ। ਆਏ ਦਿਨ ਵਾਪਰਦੇ ਸੜਕ ਹਾਦਸਿਆਂ ਵਿੱਚ ਮਨੁੱਖੀ ਜਾਨਾਂ ਜਾ ਰਹੀਆਂ ਹਨ ਅਤੇ ਪਸ਼ੂ ਵੀ ਜ਼ਖ਼ਮੀ ਹੋ ਰਹੇ ਹਨ। ਉਨ੍ਹਾਂ ਸਰਕਾਰ ਤੋਂ ਮੰਗ ਕੀਤੀ ਕਿ ਤੁਰੰਤ ਗਊਸ਼ਾਲਾਵਾਂ ਦਾ ਪ੍ਰਬੰਧ ਕੀਤਾ ਜਾਵੇ।
